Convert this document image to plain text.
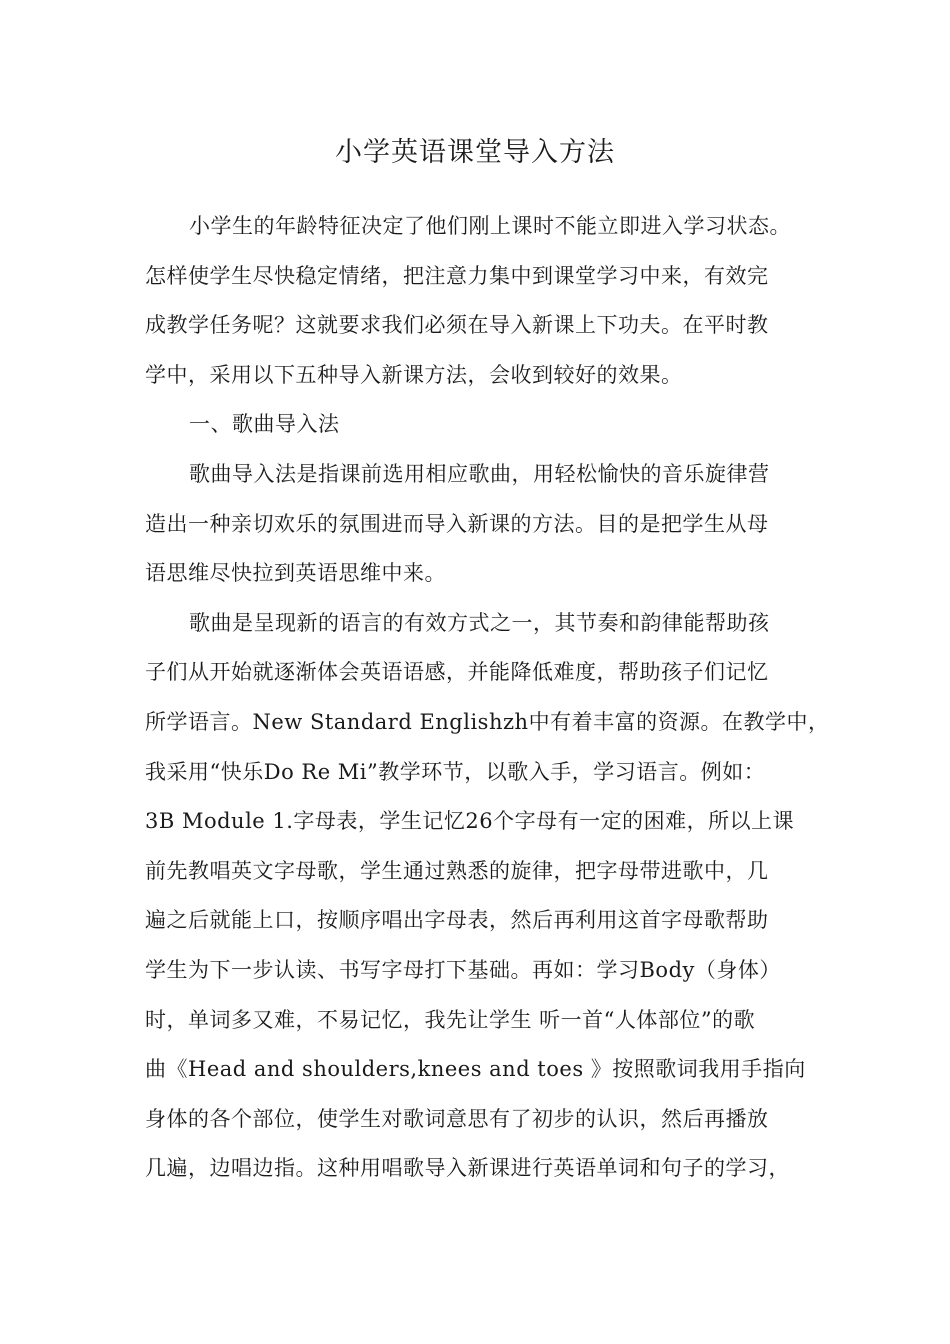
小学英语课堂导入方法
小学生的年龄特征决定了他们刚上课时不能立即进入学习状态。
怎样使学生尽快稳定情绪，把注意力集中到课堂学习中来，有效完
成教学任务呢？这就要求我们必须在导入新课上下功夫。在平时教
学中，采用以下五种导入新课方法，会收到较好的效果。
一、歌曲导入法
歌曲导入法是指课前选用相应歌曲，用轻松愉快的音乐旋律营
造出一种亲切欢乐的氛围进而导入新课的方法。目的是把学生从母
语思维尽快拉到英语思维中来。
歌曲是呈现新的语言的有效方式之一，其节奏和韵律能帮助孩
子们从开始就逐渐体会英语语感，并能降低难度，帮助孩子们记忆
所学语言。New Standard Englishzh中有着丰富的资源。在教学中，
我采用“快乐Do Re Mi”教学环节，以歌入手，学习语言。例如：
3B Module 1.字母表，学生记忆26个字母有一定的困难，所以上课
前先教唱英文字母歌，学生通过熟悉的旋律，把字母带进歌中，几
遍之后就能上口，按顺序唱出字母表，然后再利用这首字母歌帮助
学生为下一步认读、书写字母打下基础。再如：学习Body（身体）
时，单词多又难，不易记忆，我先让学生 听一首“人体部位”的歌
曲《Head and shoulders,knees and toes 》按照歌词我用手指向
身体的各个部位，使学生对歌词意思有了初步的认识，然后再播放
几遍，边唱边指。这种用唱歌导入新课进行英语单词和句子的学习，
